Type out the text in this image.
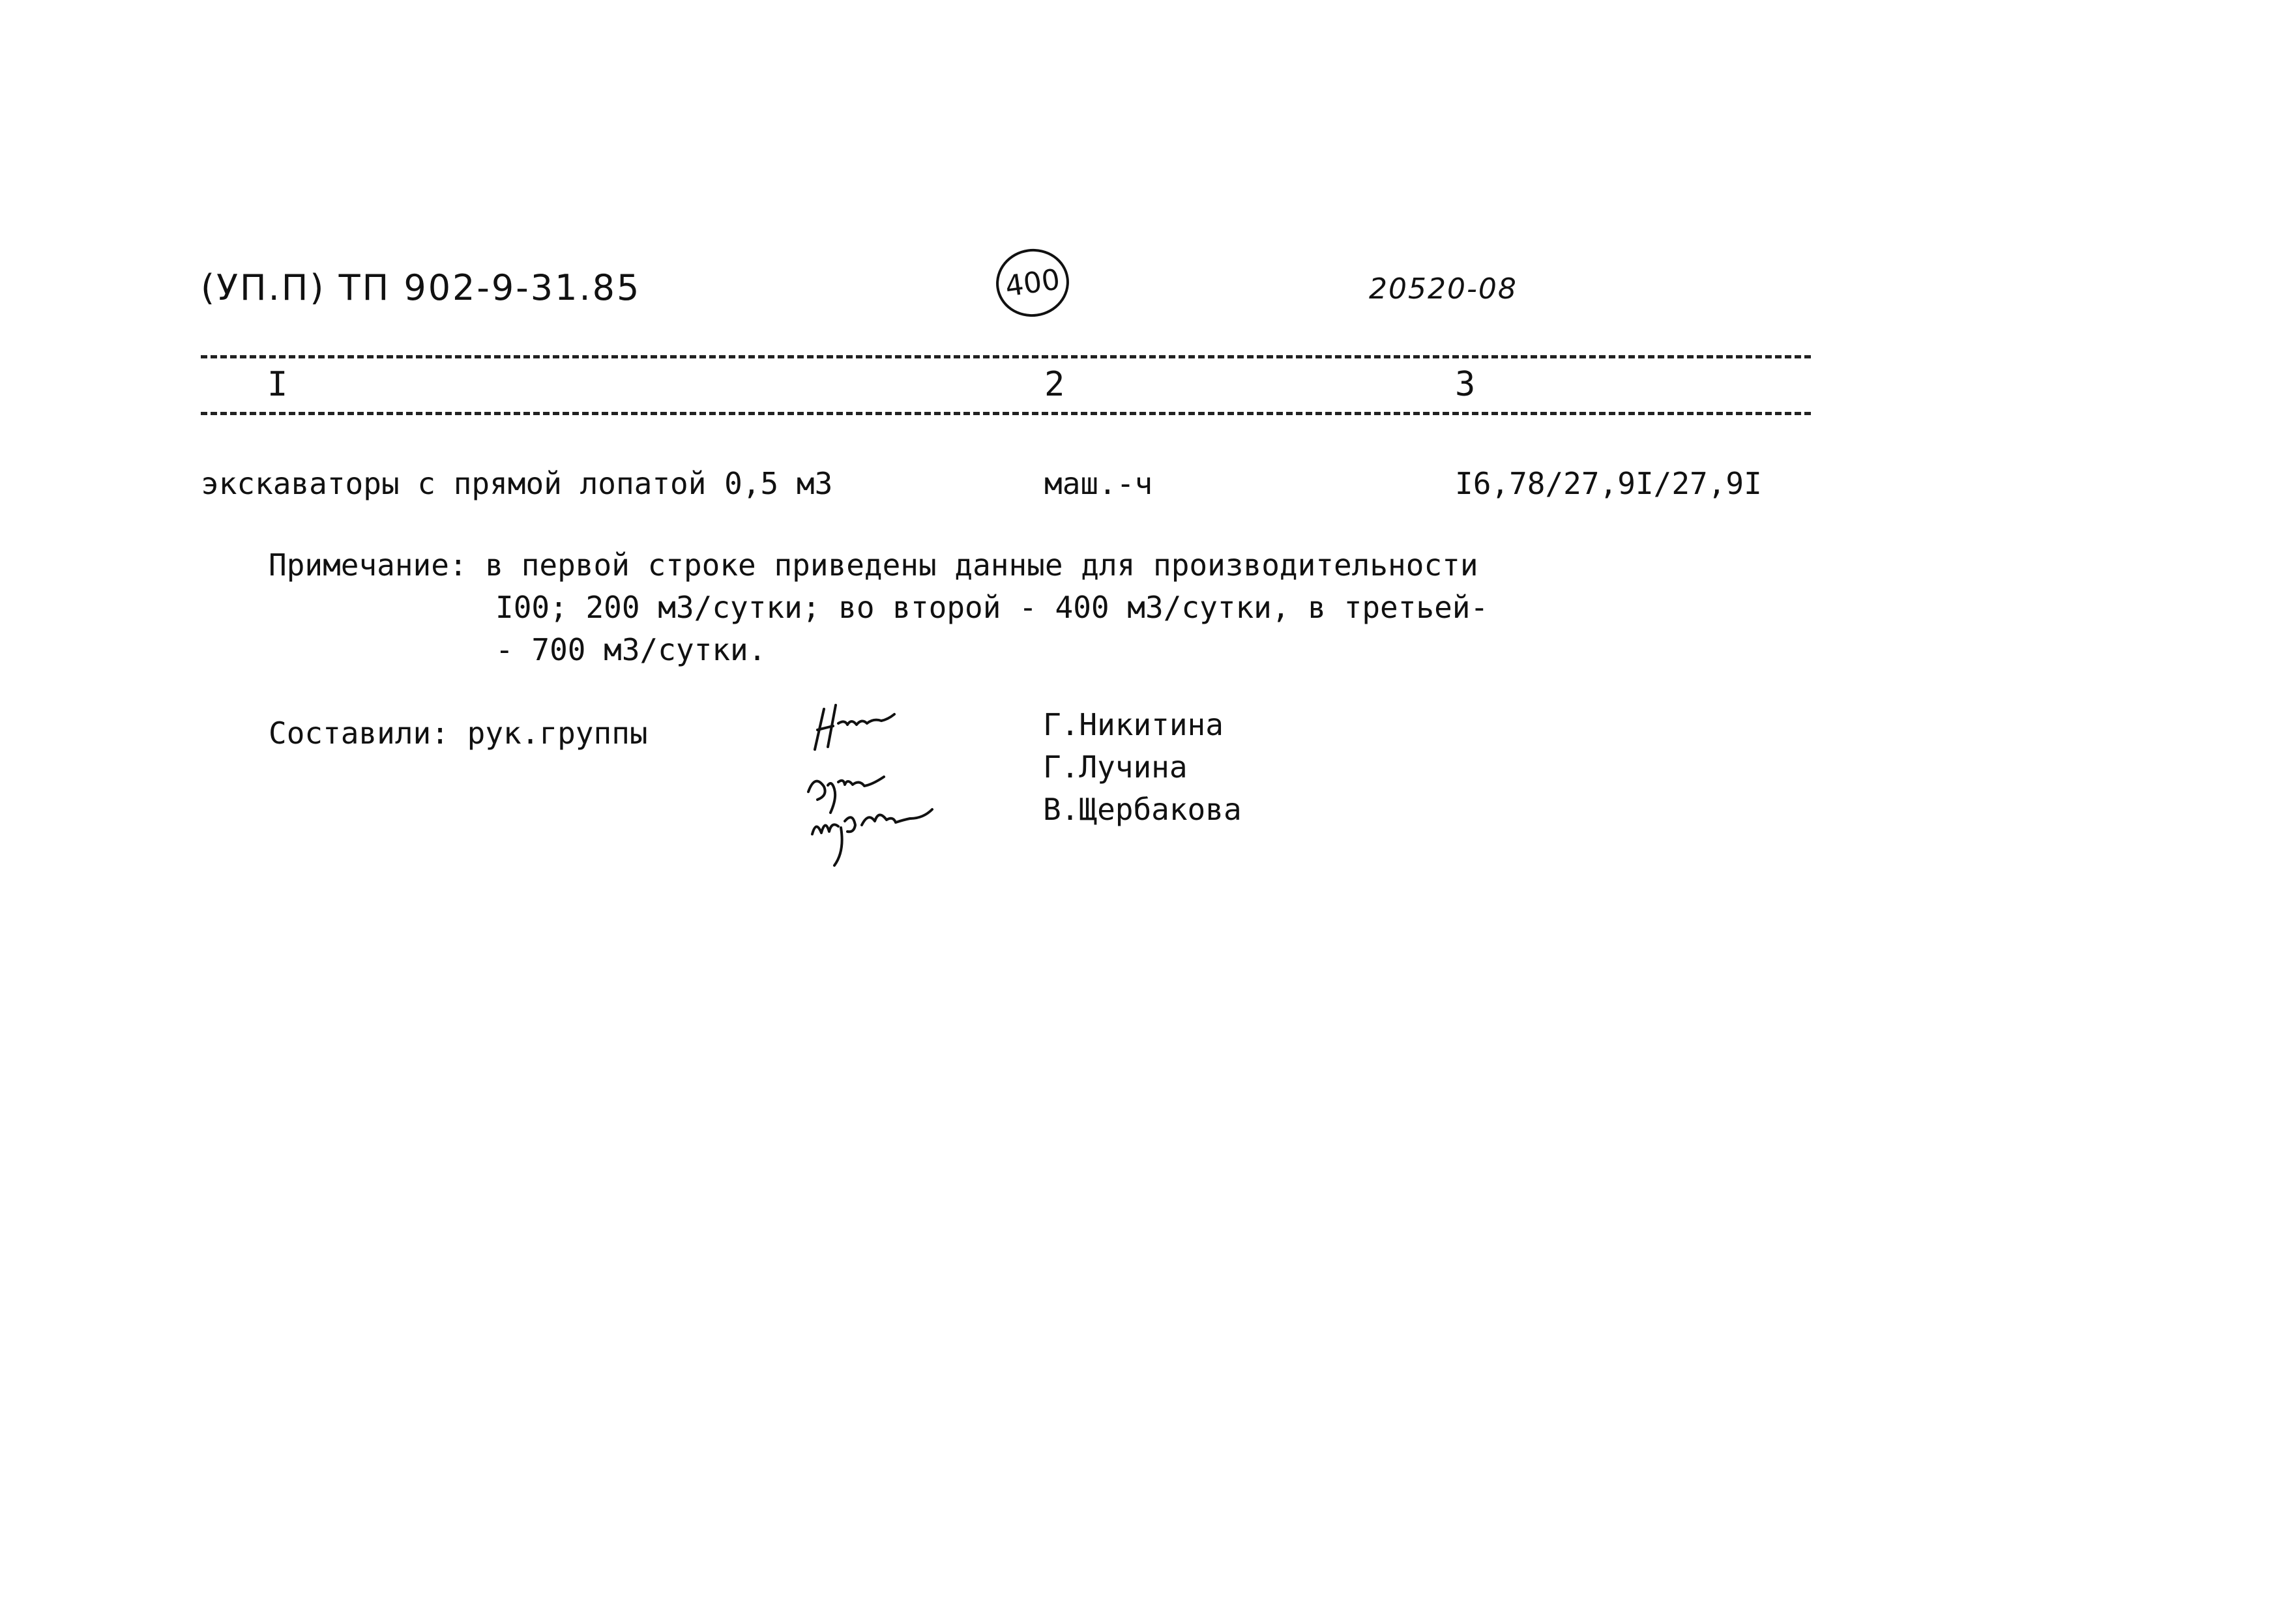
(УП.П) ТП 902-9-31.85	400	20520-08
I	2	3
экскаваторы с прямой лопатой 0,5 м3	маш.-ч	I6,78/27,9I/27,9I
Примечание: в первой строке приведены данные для производительности
I00; 200 м3/сутки; во второй - 400 м3/сутки, в третьей-
- 700 м3/сутки.
Составили: рук.группы	Г.Никитина
Г.Лучина
В.Щербакова
